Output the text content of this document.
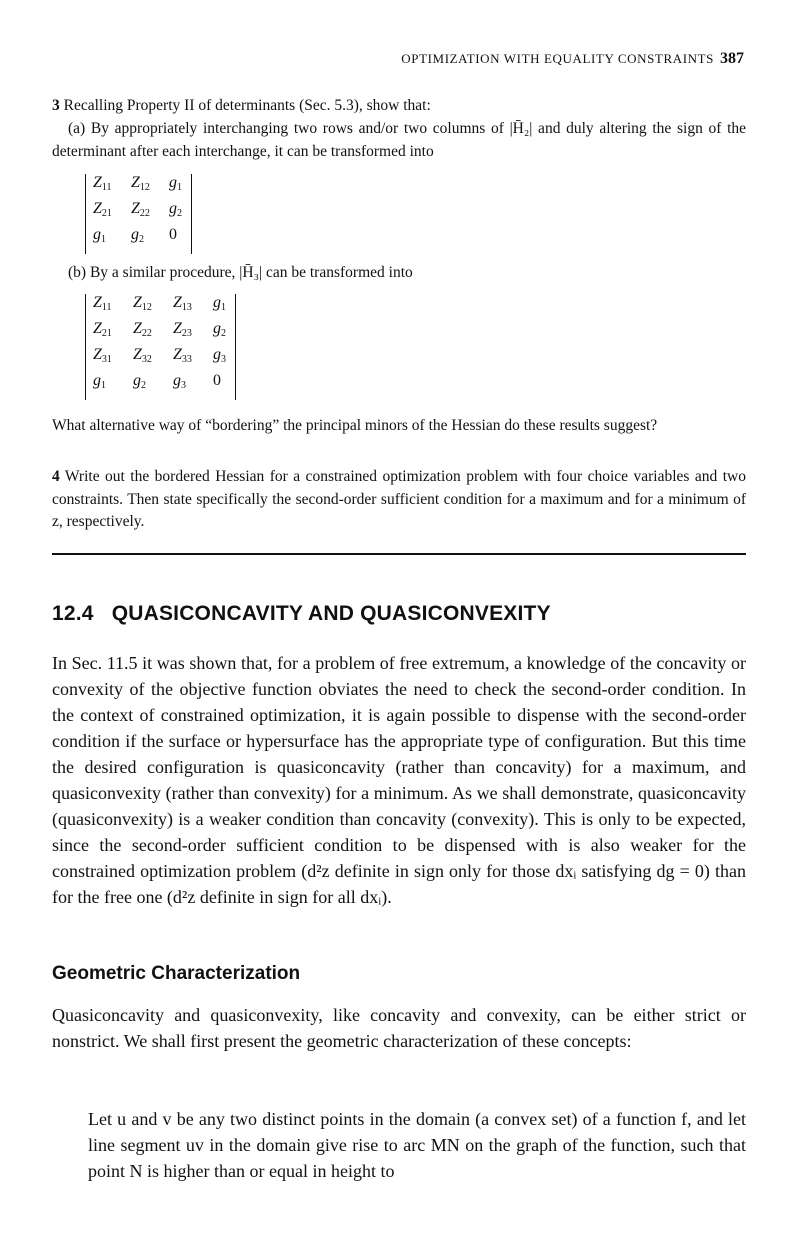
OPTIMIZATION WITH EQUALITY CONSTRAINTS 387
3 Recalling Property II of determinants (Sec. 5.3), show that:
(a) By appropriately interchanging two rows and/or two columns of |H̄₂| and duly altering the sign of the determinant after each interchange, it can be transformed into
$Z_{11}$ $Z_{12}$ $g_1$
$Z_{21}$ $Z_{22}$ $g_2$
$g_1$ $g_2$ 0
(b) By a similar procedure, |H̄₃| can be transformed into
$Z_{11}$ $Z_{12}$ $Z_{13}$ $g_1$
$Z_{21}$ $Z_{22}$ $Z_{23}$ $g_2$
$Z_{31}$ $Z_{32}$ $Z_{33}$ $g_3$
$g_1$ $g_2$ $g_3$ 0
What alternative way of “bordering” the principal minors of the Hessian do these results suggest?
4 Write out the bordered Hessian for a constrained optimization problem with four choice variables and two constraints. Then state specifically the second-order sufficient condition for a maximum and for a minimum of z, respectively.
12.4 QUASICONCAVITY AND QUASICONVEXITY
In Sec. 11.5 it was shown that, for a problem of free extremum, a knowledge of the concavity or convexity of the objective function obviates the need to check the second-order condition. In the context of constrained optimization, it is again possible to dispense with the second-order condition if the surface or hypersurface has the appropriate type of configuration. But this time the desired configuration is quasiconcavity (rather than concavity) for a maximum, and quasiconvexity (rather than convexity) for a minimum. As we shall demonstrate, quasiconcavity (quasiconvexity) is a weaker condition than concavity (convexity). This is only to be expected, since the second-order sufficient condition to be dispensed with is also weaker for the constrained optimization problem (d²z definite in sign only for those dxᵢ satisfying dg = 0) than for the free one (d²z definite in sign for all dxᵢ).
Geometric Characterization
Quasiconcavity and quasiconvexity, like concavity and convexity, can be either strict or nonstrict. We shall first present the geometric characterization of these concepts:
Let u and v be any two distinct points in the domain (a convex set) of a function f, and let line segment uv in the domain give rise to arc MN on the graph of the function, such that point N is higher than or equal in height to
